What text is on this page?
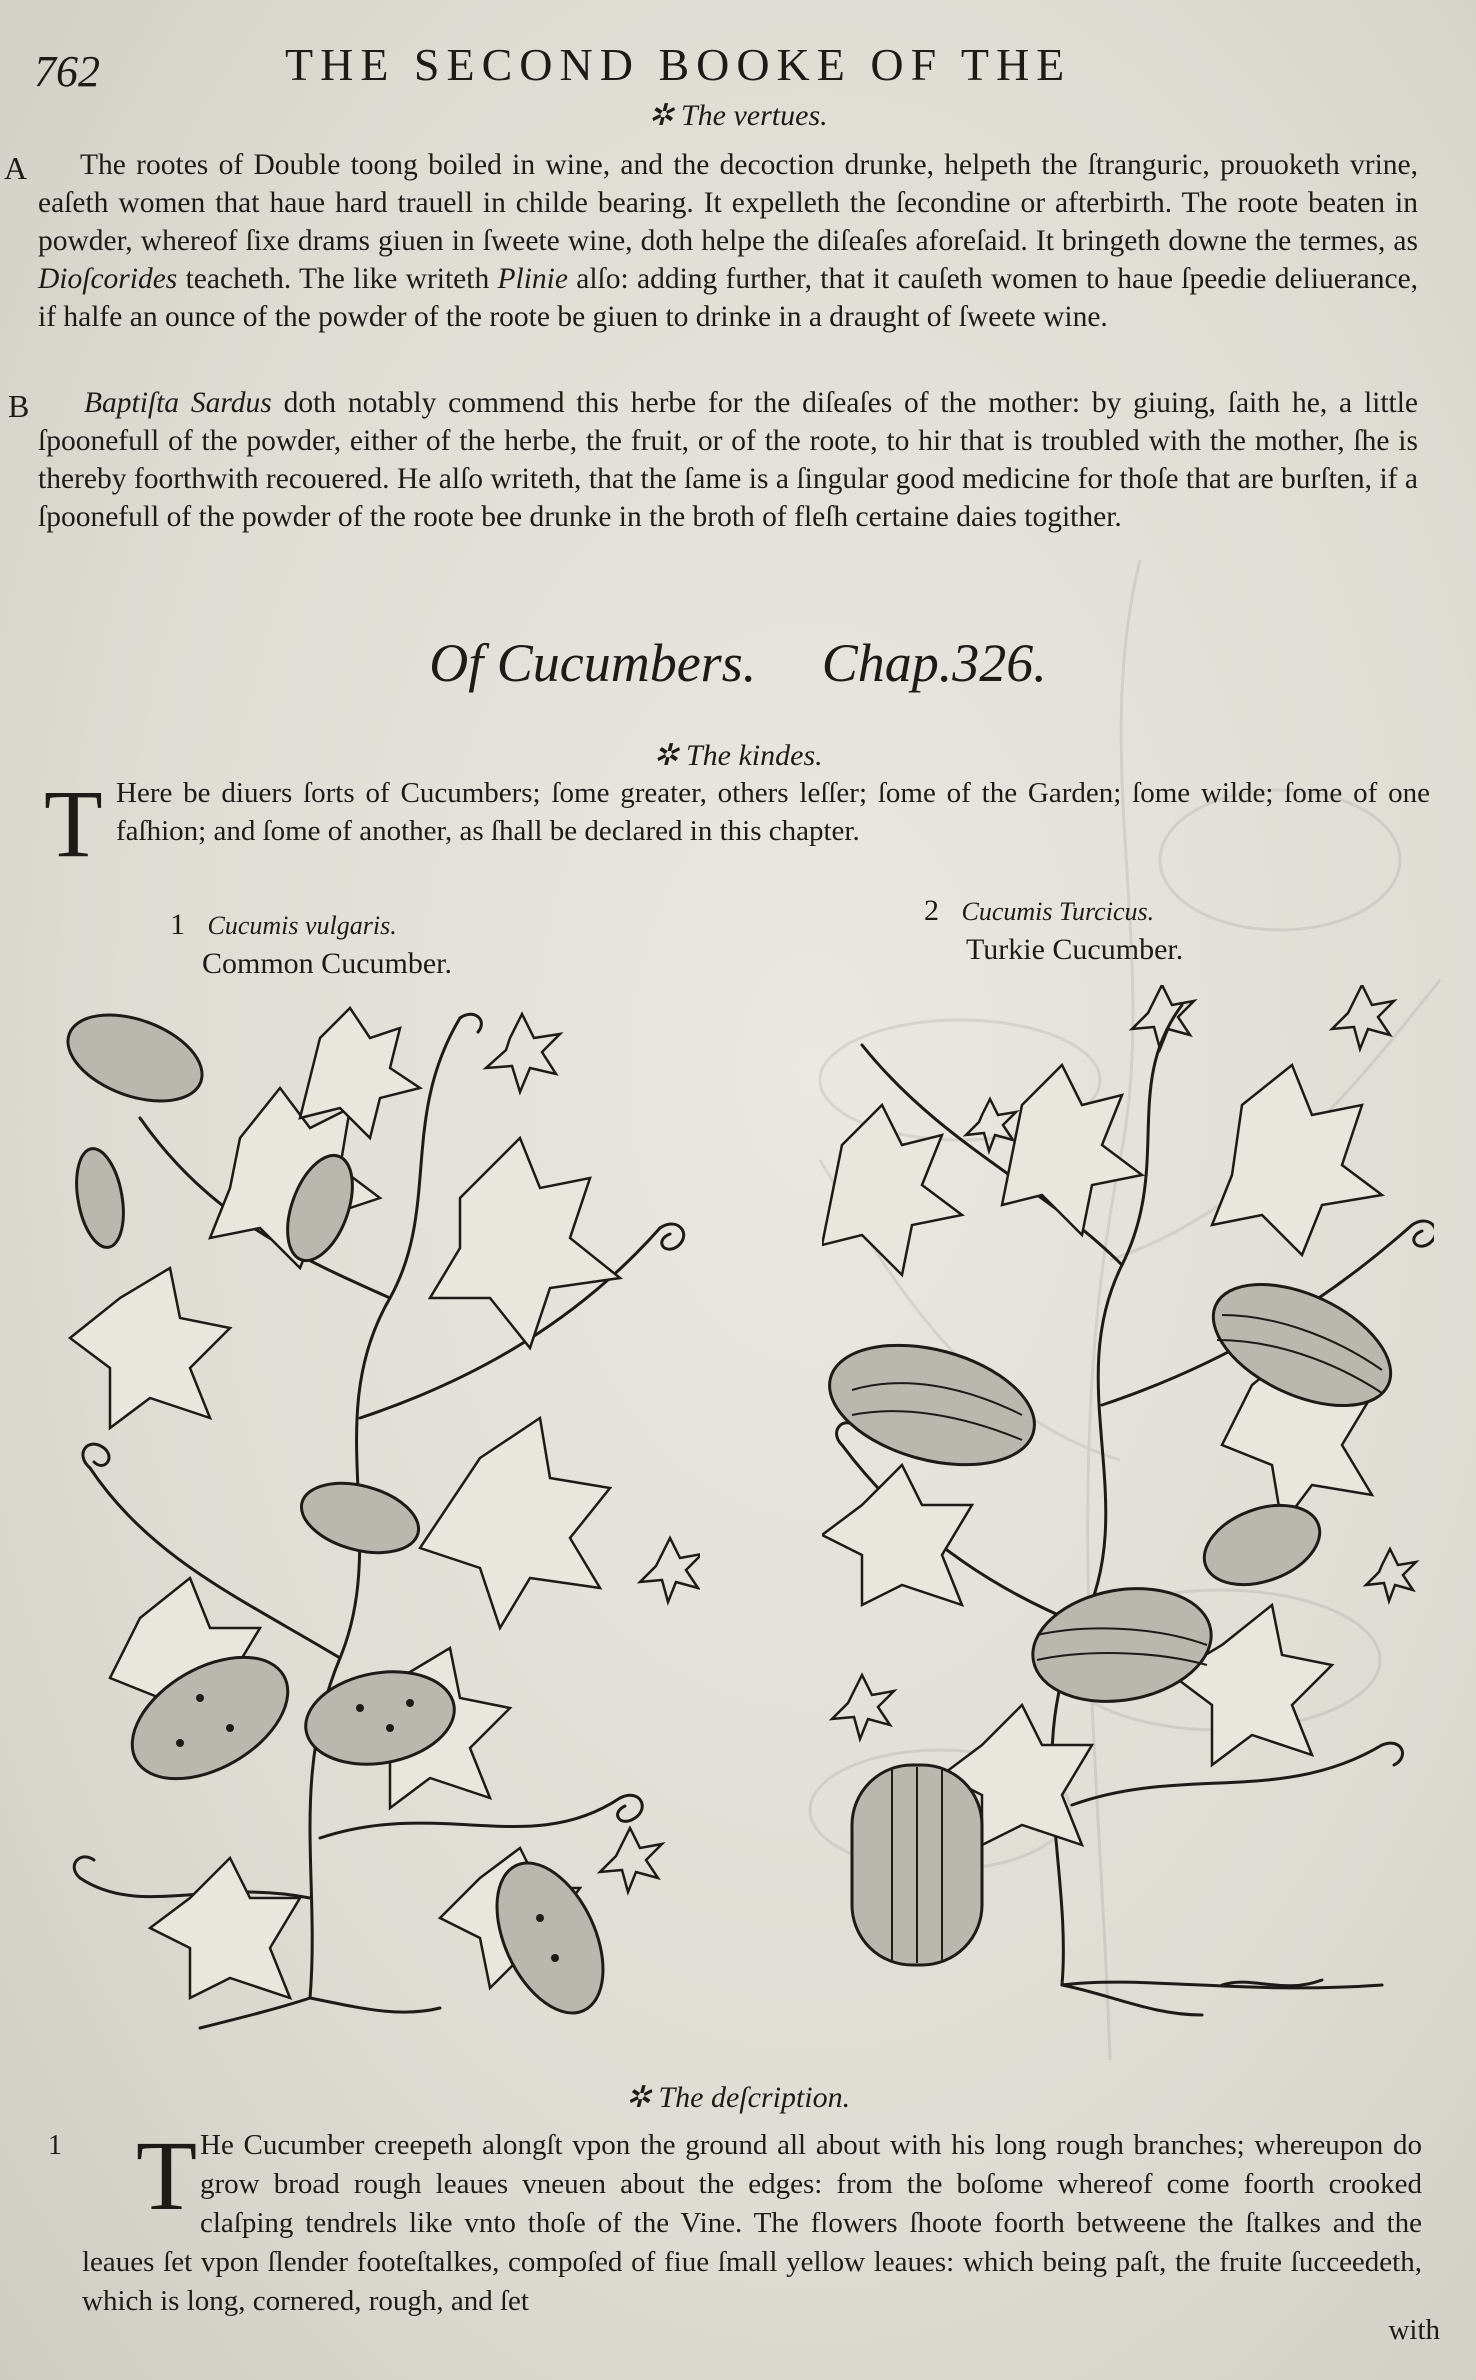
762	THE SECOND BOOKE OF THE
✲ The vertues.
A	The rootes of Double toong boiled in wine, and the decoction drunke, helpeth the ſtranguric, prouoketh vrine, eaſeth women that haue hard trauell in childe bearing. It expelleth the ſecondine or afterbirth. The roote beaten in powder, whereof ſixe drams giuen in ſweete wine, doth helpe the diſeaſes aforeſaid. It bringeth downe the termes, as Dioſcorides teacheth. The like writeth Plinie alſo: adding further, that it cauſeth women to haue ſpeedie deliuerance, if halfe an ounce of the powder of the roote be giuen to drinke in a draught of ſweete wine.
B	Baptiſta Sardus doth notably commend this herbe for the diſeaſes of the mother: by giuing, ſaith he, a little ſpoonefull of the powder, either of the herbe, the fruit, or of the roote, to hir that is troubled with the mother, ſhe is thereby foorthwith recouered. He alſo writeth, that the ſame is a ſingular good medicine for thoſe that are burſten, if a ſpoonefull of the powder of the roote bee drunke in the broth of fleſh certaine daies togither.
Of Cucumbers. Chap.326.
✲ The kindes.
T Here be diuers ſorts of Cucumbers; ſome greater, others leſſer; ſome of the Garden; ſome wilde; ſome of one faſhion; and ſome of another, as ſhall be declared in this chapter.
1 Cucumis vulgaris.
Common Cucumber.
2 Cucumis Turcicus.
Turkie Cucumber.
✲ The deſcription.
1 T He Cucumber creepeth alongſt vpon the ground all about with his long rough branches; whereupon do grow broad rough leaues vneuen about the edges: from the boſome whereof come foorth crooked claſping tendrels like vnto thoſe of the Vine. The flowers ſhoote foorth betweene the ſtalkes and the leaues ſet vpon ſlender footeſtalkes, compoſed of fiue ſmall yellow leaues: which being paſt, the fruite ſucceedeth, which is long, cornered, rough, and ſet
with
